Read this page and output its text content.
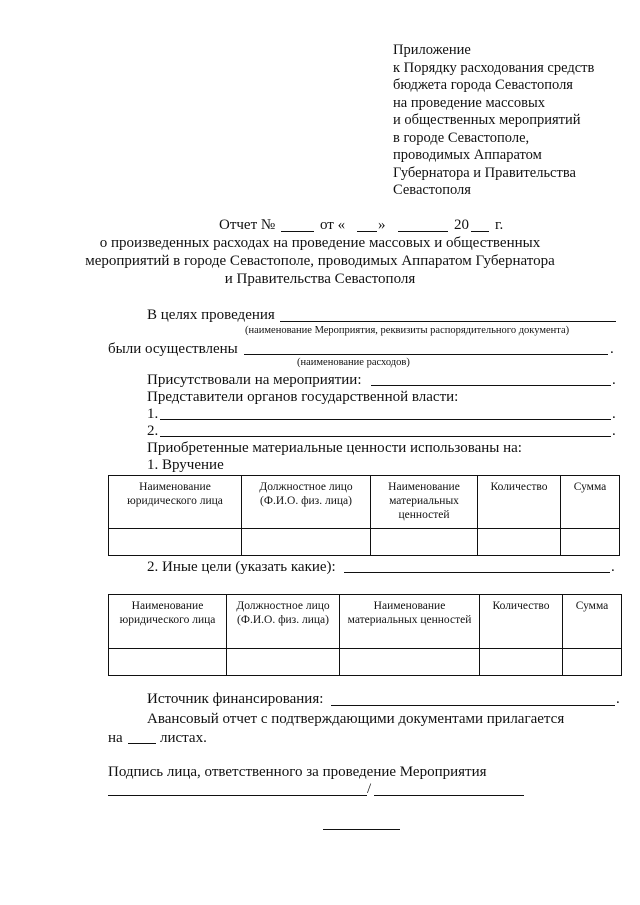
Приложение
к Порядку расходования средств
бюджета города Севастополя
на проведение массовых
и общественных мероприятий
в городе Севастополе,
проводимых Аппаратом
Губернатора и Правительства
Севастополя
Отчет №	от « »	20 г.
о произведенных расходах на проведение массовых и общественных
мероприятий в городе Севастополе, проводимых Аппаратом Губернатора
и Правительства Севастополя
В целях проведения
(наименование Мероприятия, реквизиты распорядительного документа)
были осуществлены	.
(наименование расходов)
Присутствовали на мероприятии:	.
Представители органов государственной власти:
1.	.
2.	.
Приобретенные материальные ценности использованы на:
1. Вручение
Наименование юридического лица	Должностное лицо (Ф.И.О. физ. лица)	Наименование материальных ценностей	Количество	Сумма

2. Иные цели (указать какие):	.
Наименование юридического лица	Должностное лицо (Ф.И.О. физ. лица)	Наименование материальных ценностей	Количество	Сумма

Источник финансирования:	.
Авансовый отчет с подтверждающими документами прилагается
на листах.
Подпись лица, ответственного за проведение Мероприятия
/
